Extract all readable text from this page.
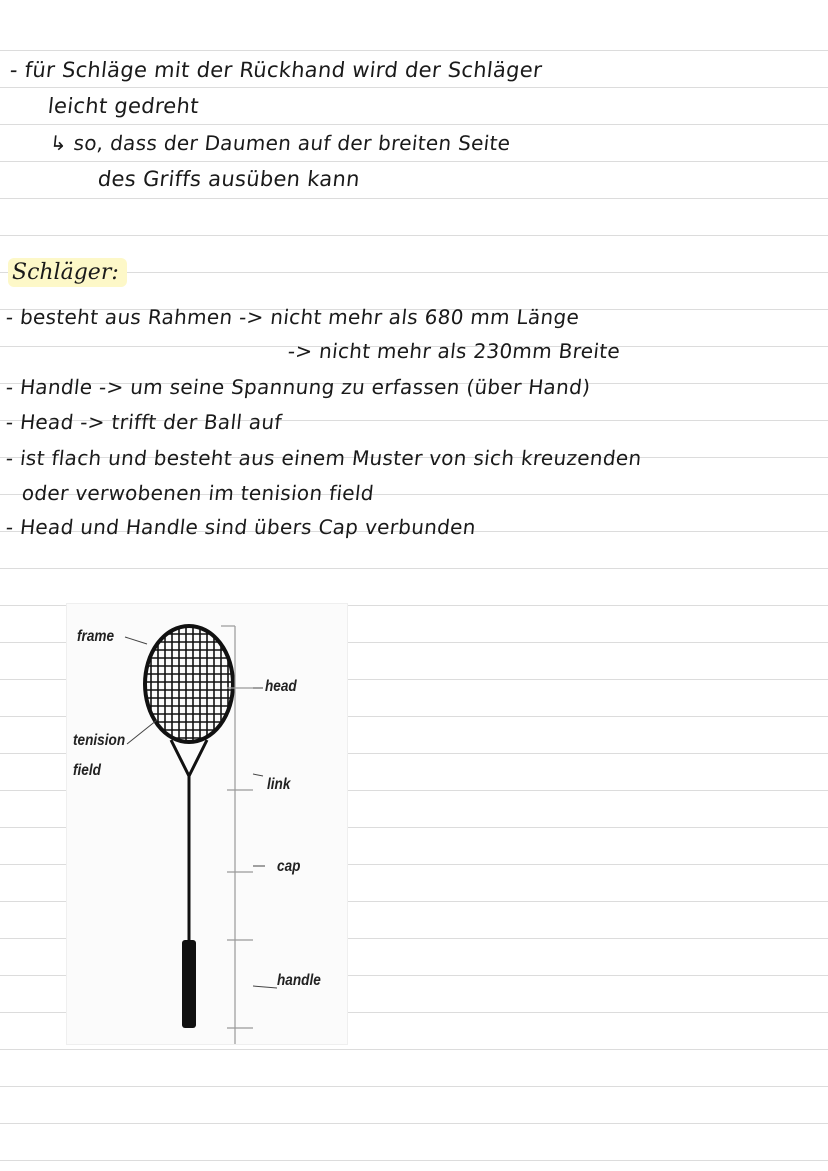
- für Schläge mit der Rückhand wird der Schläger
leicht gedreht
↳ so, dass der Daumen auf der breiten Seite
des Griffs ausüben kann
Schläger:
- besteht aus Rahmen -> nicht mehr als 680 mm Länge
-> nicht mehr als 230mm Breite
- Handle -> um seine Spannung zu erfassen (über Hand)
- Head -> trifft der Ball auf
- ist flach und besteht aus einem Muster von sich kreuzenden
oder verwobenen im tenision field
- Head und Handle sind übers Cap verbunden
frame
tenision
field
head
link
cap
handle
